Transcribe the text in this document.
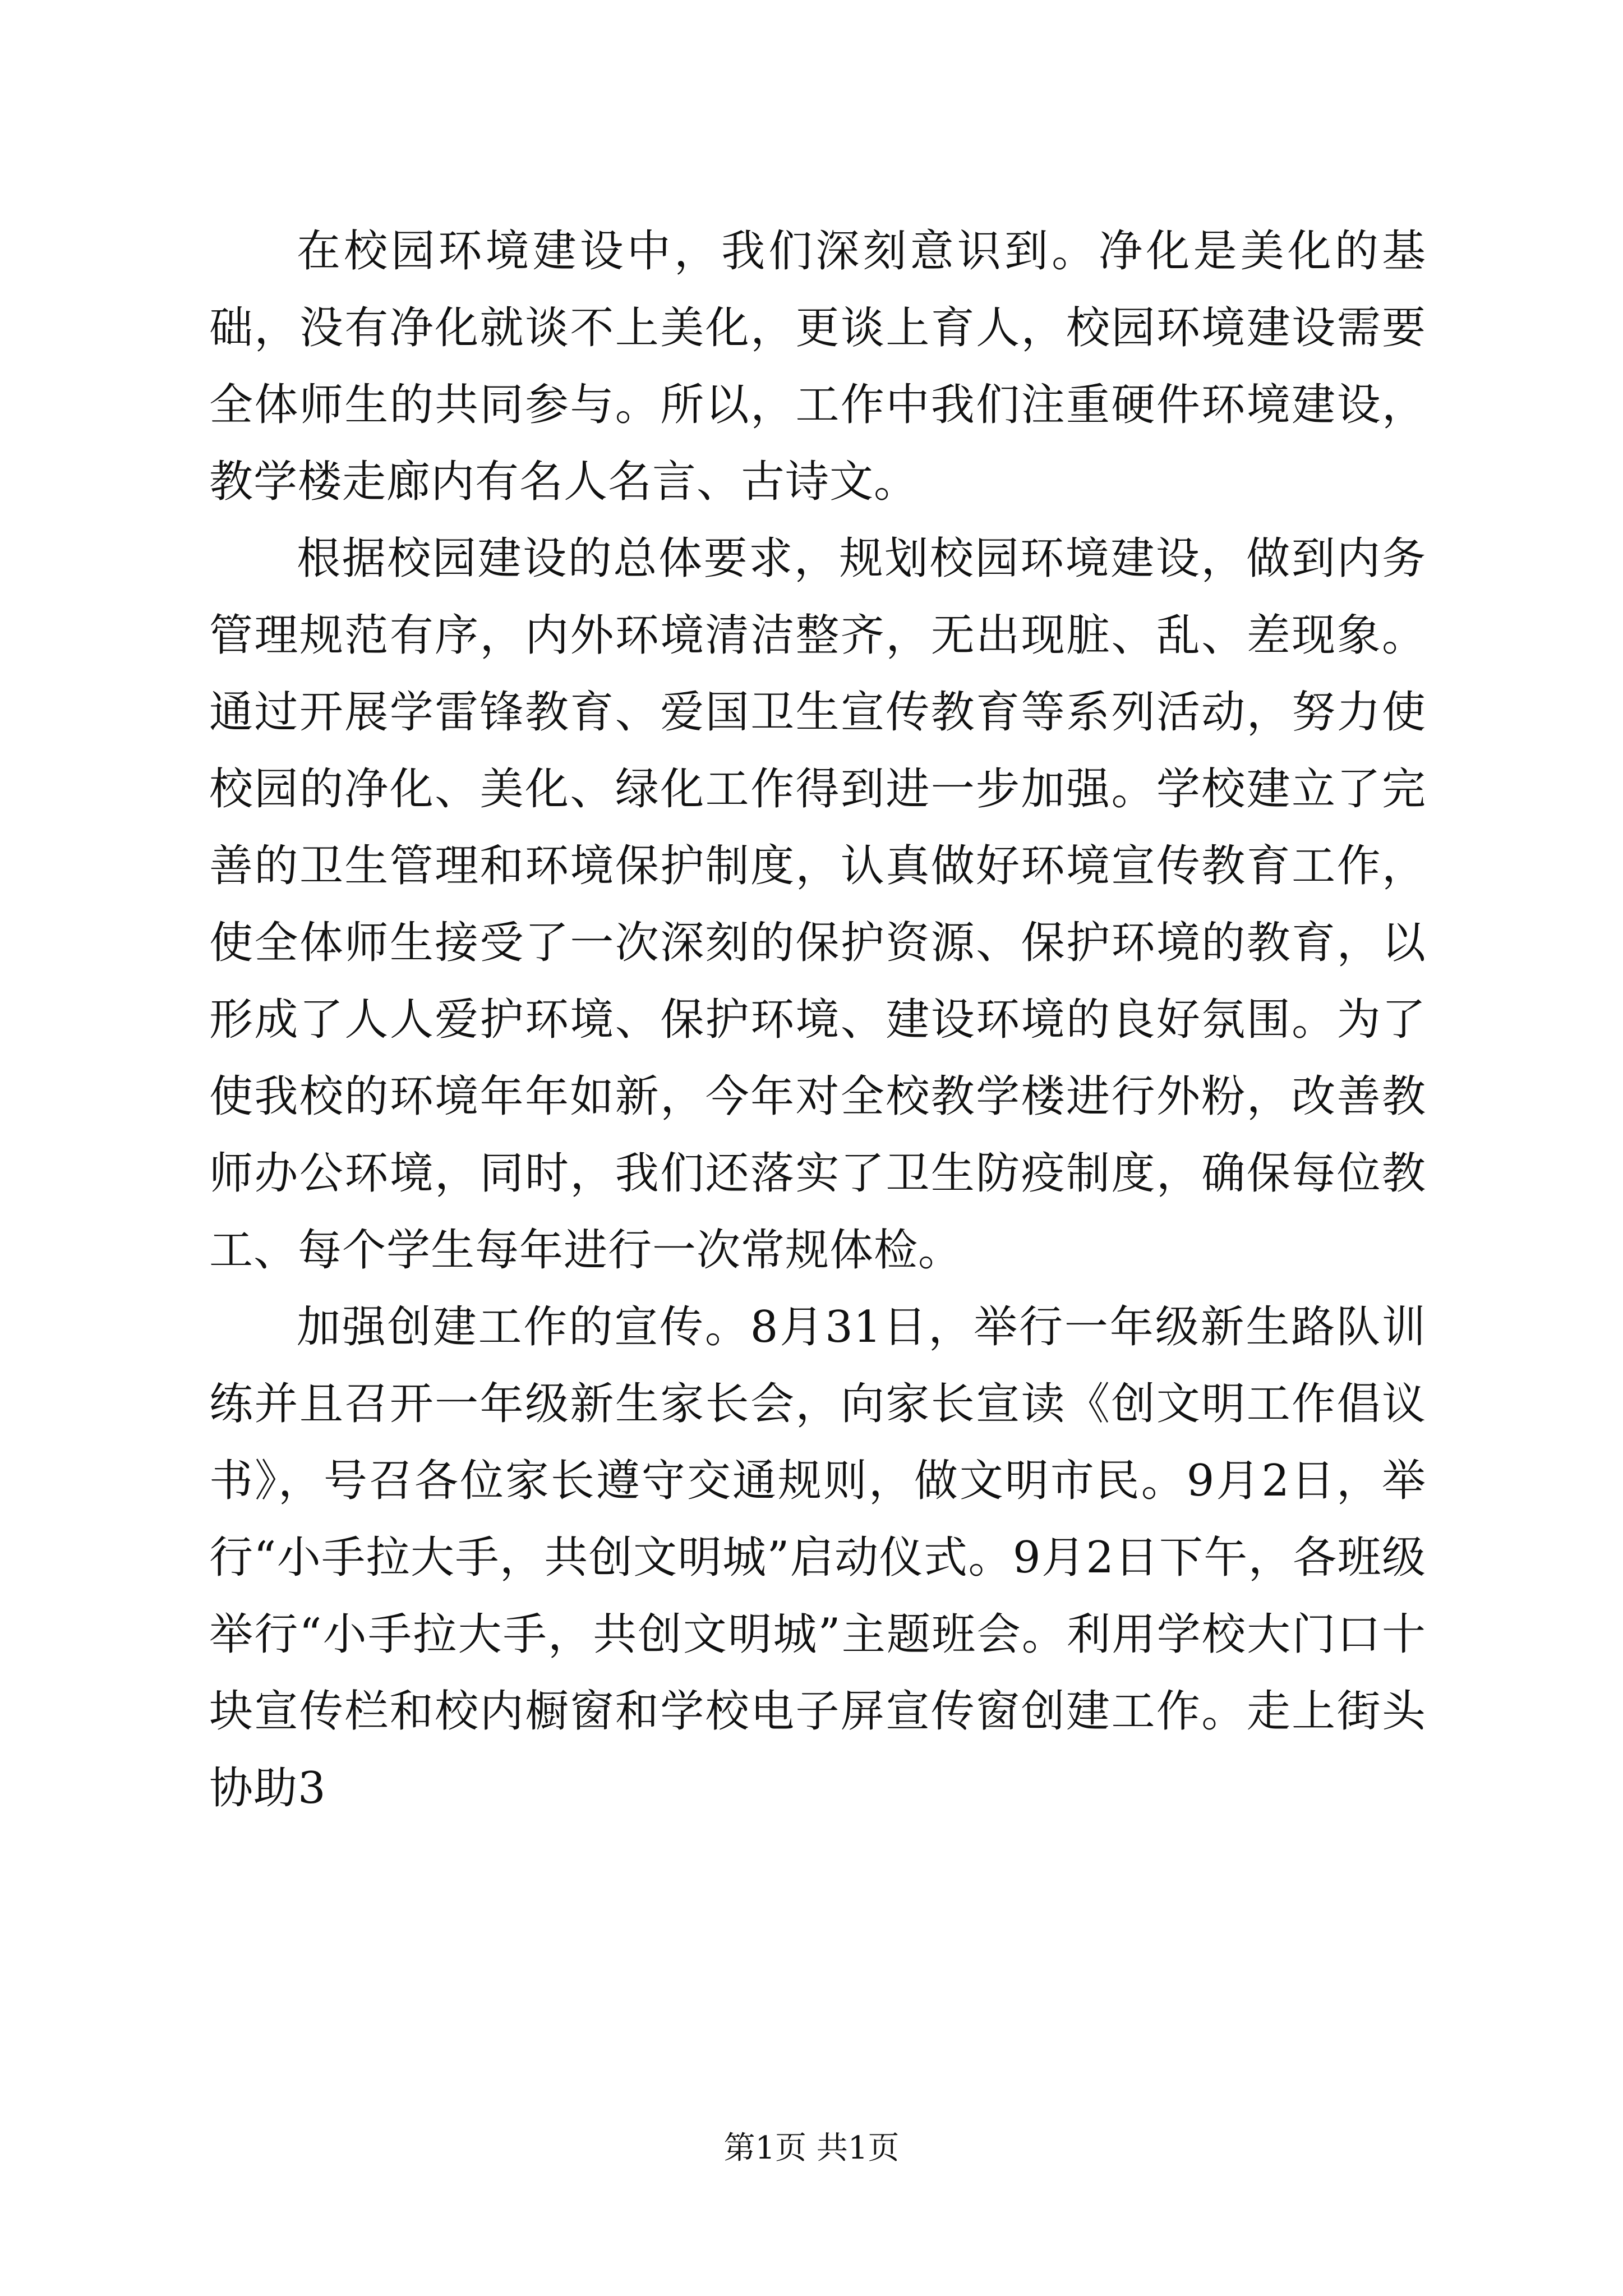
在校园环境建设中，我们深刻意识到。净化是美化的基础，没有净化就谈不上美化，更谈上育人，校园环境建设需要全体师生的共同参与。所以，工作中我们注重硬件环境建设，教学楼走廊内有名人名言、古诗文。

根据校园建设的总体要求，规划校园环境建设，做到内务管理规范有序，内外环境清洁整齐，无出现脏、乱、差现象。通过开展学雷锋教育、爱国卫生宣传教育等系列活动，努力使校园的净化、美化、绿化工作得到进一步加强。学校建立了完善的卫生管理和环境保护制度，认真做好环境宣传教育工作，使全体师生接受了一次深刻的保护资源、保护环境的教育，以形成了人人爱护环境、保护环境、建设环境的良好氛围。为了使我校的环境年年如新，今年对全校教学楼进行外粉，改善教师办公环境，同时，我们还落实了卫生防疫制度，确保每位教工、每个学生每年进行一次常规体检。

加强创建工作的宣传。8月31日，举行一年级新生路队训练并且召开一年级新生家长会，向家长宣读《创文明工作倡议书》，号召各位家长遵守交通规则，做文明市民。9月2日，举行“小手拉大手，共创文明城”启动仪式。9月2日下午，各班级举行“小手拉大手，共创文明城”主题班会。利用学校大门口十块宣传栏和校内橱窗和学校电子屏宣传窗创建工作。走上街头协助3

第1页 共1页
